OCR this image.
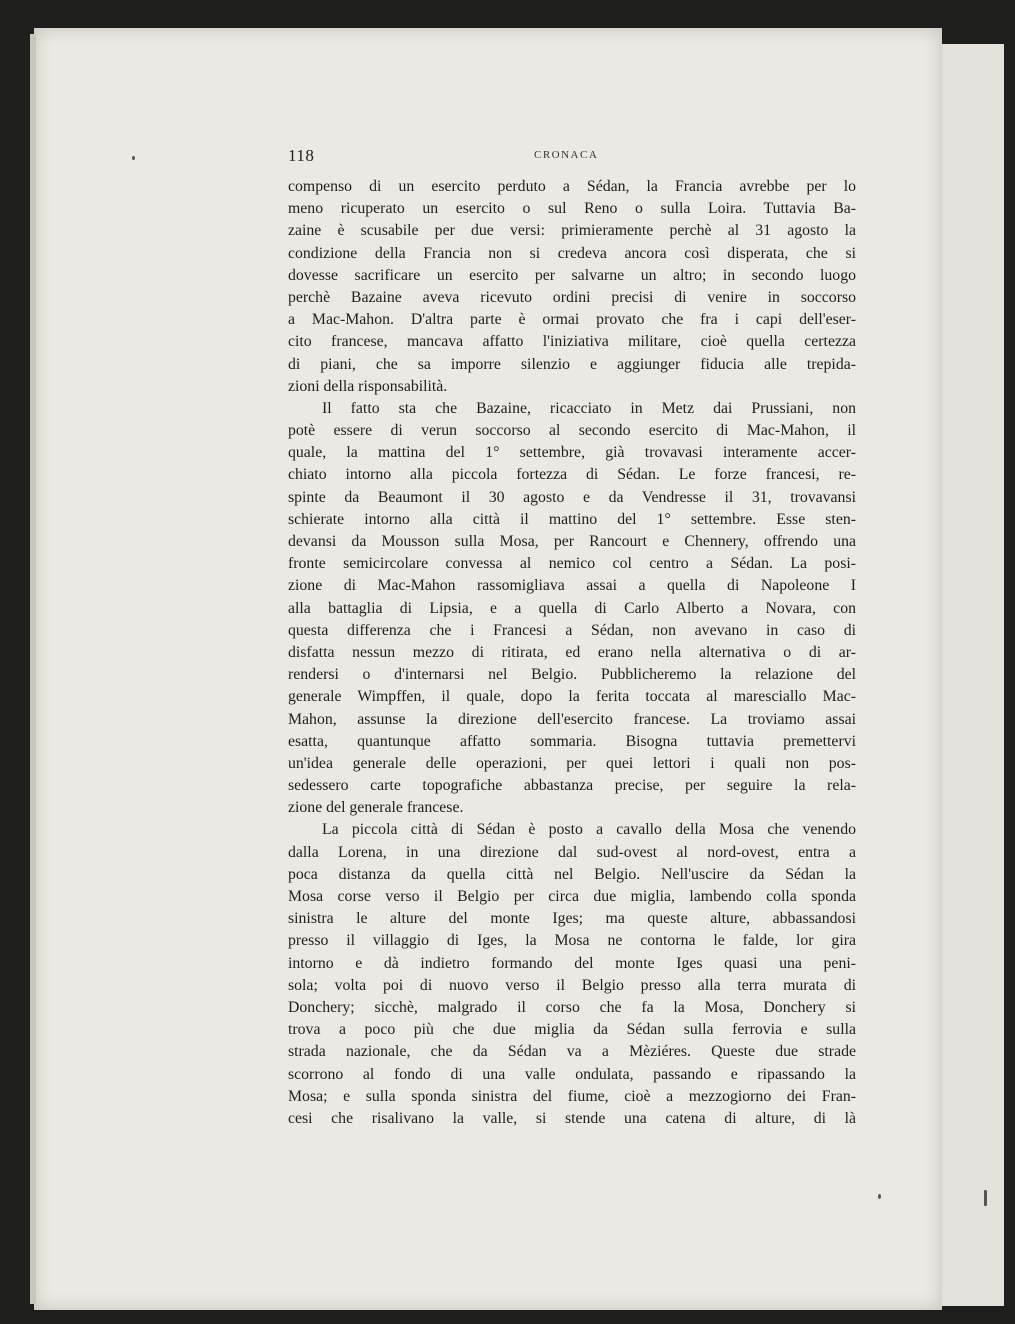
118	CRONACA
compenso di un esercito perduto a Sédan, la Francia avrebbe per lo
meno ricuperato un esercito o sul Reno o sulla Loira. Tuttavia Ba-
zaine è scusabile per due versi: primieramente perchè al 31 agosto la
condizione della Francia non si credeva ancora così disperata, che si
dovesse sacrificare un esercito per salvarne un altro; in secondo luogo
perchè Bazaine aveva ricevuto ordini precisi di venire in soccorso
a Mac-Mahon. D'altra parte è ormai provato che fra i capi dell'eser-
cito francese, mancava affatto l'iniziativa militare, cioè quella certezza
di piani, che sa imporre silenzio e aggiunger fiducia alle trepida-
zioni della risponsabilità.
Il fatto sta che Bazaine, ricacciato in Metz dai Prussiani, non
potè essere di verun soccorso al secondo esercito di Mac-Mahon, il
quale, la mattina del 1° settembre, già trovavasi interamente accer-
chiato intorno alla piccola fortezza di Sédan. Le forze francesi, re-
spinte da Beaumont il 30 agosto e da Vendresse il 31, trovavansi
schierate intorno alla città il mattino del 1° settembre. Esse sten-
devansi da Mousson sulla Mosa, per Rancourt e Chennery, offrendo una
fronte semicircolare convessa al nemico col centro a Sédan. La posi-
zione di Mac-Mahon rassomigliava assai a quella di Napoleone I
alla battaglia di Lipsia, e a quella di Carlo Alberto a Novara, con
questa differenza che i Francesi a Sédan, non avevano in caso di
disfatta nessun mezzo di ritirata, ed erano nella alternativa o di ar-
rendersi o d'internarsi nel Belgio. Pubblicheremo la relazione del
generale Wimpffen, il quale, dopo la ferita toccata al maresciallo Mac-
Mahon, assunse la direzione dell'esercito francese. La troviamo assai
esatta, quantunque affatto sommaria. Bisogna tuttavia premettervi
un'idea generale delle operazioni, per quei lettori i quali non pos-
sedessero carte topografiche abbastanza precise, per seguire la rela-
zione del generale francese.
La piccola città di Sédan è posto a cavallo della Mosa che venendo
dalla Lorena, in una direzione dal sud-ovest al nord-ovest, entra a
poca distanza da quella città nel Belgio. Nell'uscire da Sédan la
Mosa corse verso il Belgio per circa due miglia, lambendo colla sponda
sinistra le alture del monte Iges; ma queste alture, abbassandosi
presso il villaggio di Iges, la Mosa ne contorna le falde, lor gira
intorno e dà indietro formando del monte Iges quasi una peni-
sola; volta poi di nuovo verso il Belgio presso alla terra murata di
Donchery; sicchè, malgrado il corso che fa la Mosa, Donchery si
trova a poco più che due miglia da Sédan sulla ferrovia e sulla
strada nazionale, che da Sédan va a Mèziéres. Queste due strade
scorrono al fondo di una valle ondulata, passando e ripassando la
Mosa; e sulla sponda sinistra del fiume, cioè a mezzogiorno dei Fran-
cesi che risalivano la valle, si stende una catena di alture, di là
